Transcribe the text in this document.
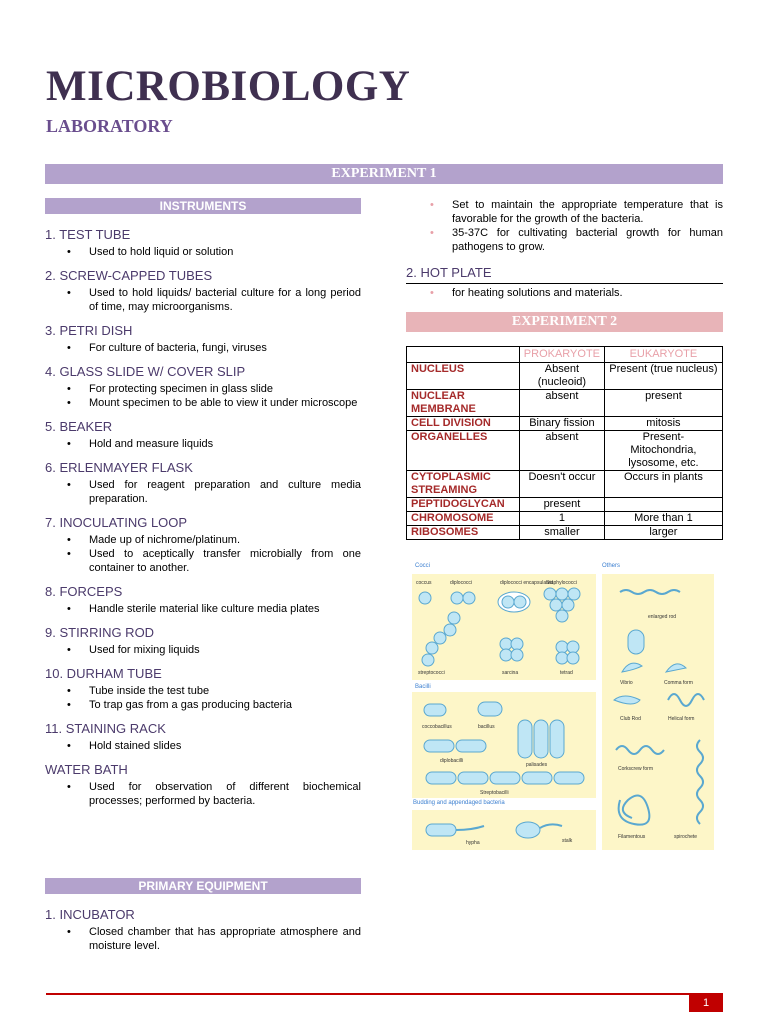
MICROBIOLOGY
LABORATORY
EXPERIMENT 1
INSTRUMENTS

1. TEST TUBE

• Used to hold liquid or solution

2. SCREW-CAPPED TUBES

• Used to hold liquids/ bacterial culture for a long period of time, may microorganisms.

3. PETRI DISH

• For culture of bacteria, fungi, viruses

4. GLASS SLIDE W/ COVER SLIP

• For protecting specimen in glass slide
• Mount specimen to be able to view it under microscope

5. BEAKER

• Hold and measure liquids

6. ERLENMAYER FLASK

• Used for reagent preparation and culture media preparation.

7. INOCULATING LOOP

• Made up of nichrome/platinum.
• Used to aceptically transfer microbially from one container to another.

8. FORCEPS

• Handle sterile material like culture media plates

9. STIRRING ROD

• Used for mixing liquids

10. DURHAM TUBE

• Tube inside the test tube
• To trap gas from a gas producing bacteria

11. STAINING RACK

• Hold stained slides

WATER BATH

• Used for observation of different biochemical processes; performed by bacteria.
PRIMARY EQUIPMENT

1. INCUBATOR

• Closed chamber that has appropriate atmosphere and moisture level.
• Set to maintain the appropriate temperature that is favorable for the growth of the bacteria.
• 35-37C for cultivating bacterial growth for human pathogens to grow.

2. HOT PLATE

• for heating solutions and materials.
EXPERIMENT 2
	PROKARYOTE	EUKARYOTE
NUCLEUS	Absent (nucleoid)	Present (true nucleus)
NUCLEAR MEMBRANE	absent	present
CELL DIVISION	Binary fission	mitosis
ORGANELLES	absent	Present- Mitochondria, lysosome, etc.
CYTOPLASMIC STREAMING	Doesn't occur	Occurs in plants
PEPTIDOGLYCAN	present	
CHROMOSOME	1	More than 1
RIBOSOMES	smaller	larger
Cocci	Others
Bacilli
Budding and appendaged bacteria
coccus	diplococci	diplococci encapsulated
Staphylococci
streptococci	sarcina	tetrad
coccobacillus	bacillus
diplobacilli
palisades
Streptobacilli
hypha	stalk
enlarged rod
Vibrio	Comma form
Club Rod	Helical form
Corkscrew form
Filamentous	spirochete
1
